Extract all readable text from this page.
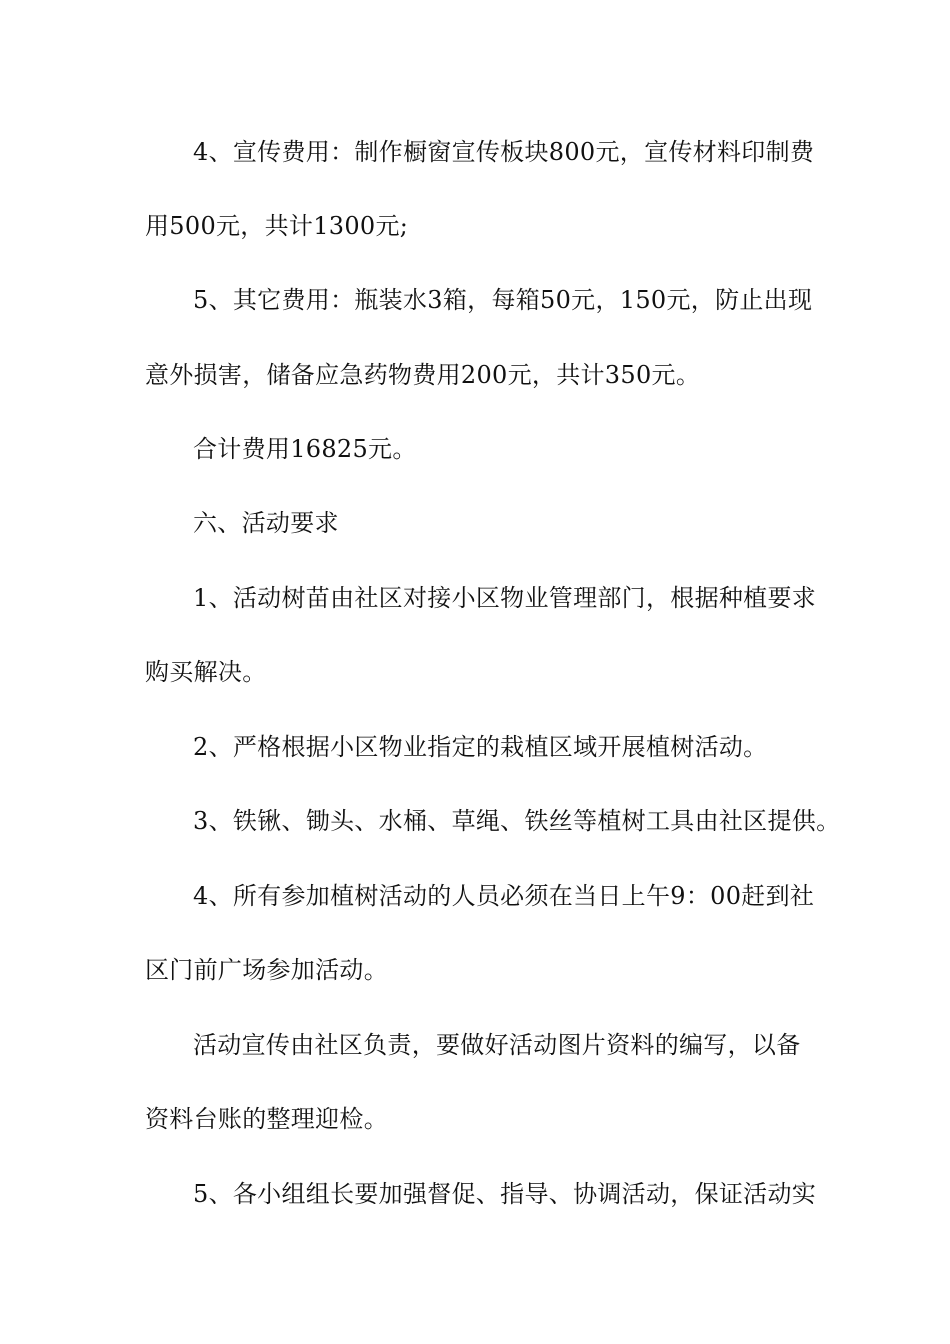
4、宣传费用：制作橱窗宣传板块800元，宣传材料印制费
用500元，共计1300元;
5、其它费用：瓶装水3箱，每箱50元，150元，防止出现
意外损害，储备应急药物费用200元，共计350元。
合计费用16825元。
六、活动要求
1、活动树苗由社区对接小区物业管理部门，根据种植要求
购买解决。
2、严格根据小区物业指定的栽植区域开展植树活动。
3、铁锹、锄头、水桶、草绳、铁丝等植树工具由社区提供。
4、所有参加植树活动的人员必须在当日上午9：00赶到社
区门前广场参加活动。
活动宣传由社区负责，要做好活动图片资料的编写，以备
资料台账的整理迎检。
5、各小组组长要加强督促、指导、协调活动，保证活动实
